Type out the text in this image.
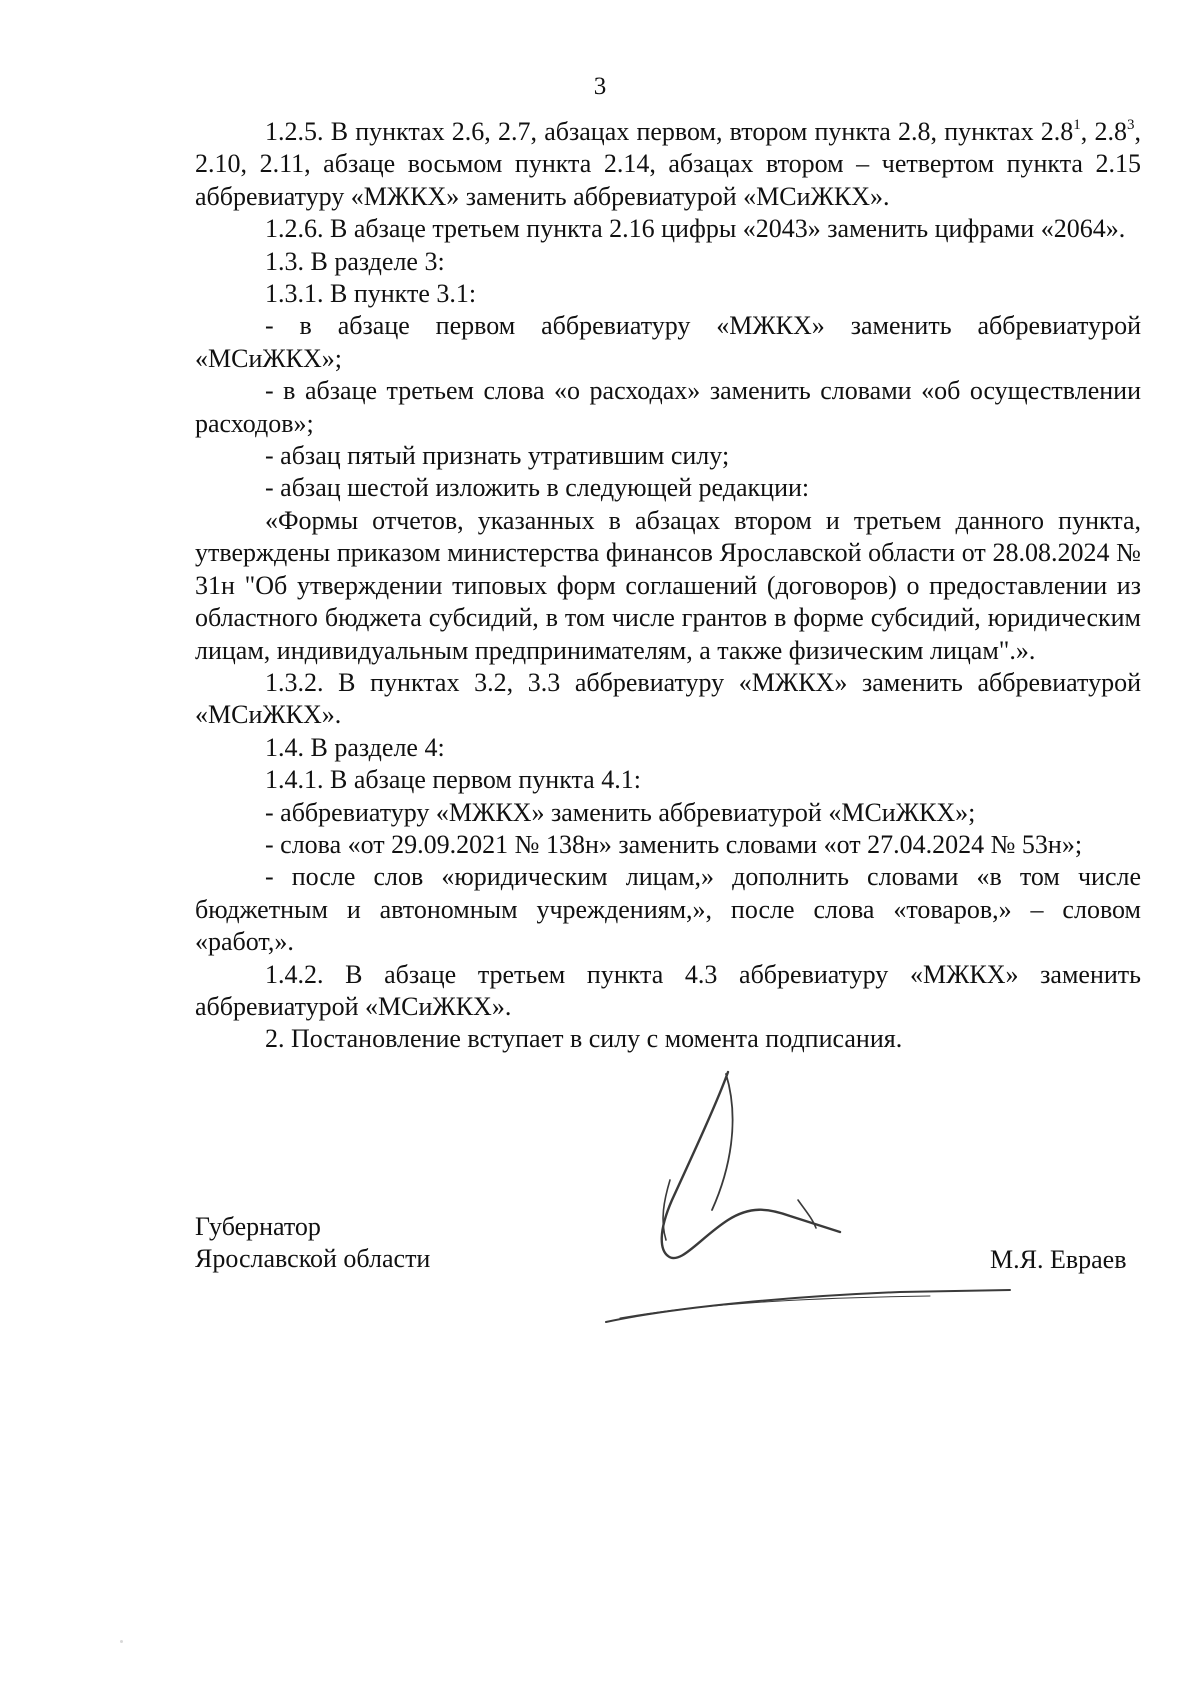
3

1.2.5. В пунктах 2.6, 2.7, абзацах первом, втором пункта 2.8, пунктах $2.8^1$, $2.8^3$, 2.10, 2.11, абзаце восьмом пункта 2.14, абзацах втором – четвертом пункта 2.15 аббревиатуру «МЖКХ» заменить аббревиатурой «МСиЖКХ».

1.2.6. В абзаце третьем пункта 2.16 цифры «2043» заменить цифрами «2064».

1.3. В разделе 3:

1.3.1. В пункте 3.1:

- в абзаце первом аббревиатуру «МЖКХ» заменить аббревиатурой «МСиЖКХ»;

- в абзаце третьем слова «о расходах» заменить словами «об осуществлении расходов»;

- абзац пятый признать утратившим силу;

- абзац шестой изложить в следующей редакции:

«Формы отчетов, указанных в абзацах втором и третьем данного пункта, утверждены приказом министерства финансов Ярославской области от 28.08.2024 № 31н "Об утверждении типовых форм соглашений (договоров) о предоставлении из областного бюджета субсидий, в том числе грантов в форме субсидий, юридическим лицам, индивидуальным предпринимателям, а также физическим лицам".».

1.3.2. В пунктах 3.2, 3.3 аббревиатуру «МЖКХ» заменить аббревиатурой «МСиЖКХ».

1.4. В разделе 4:

1.4.1. В абзаце первом пункта 4.1:

- аббревиатуру «МЖКХ» заменить аббревиатурой «МСиЖКХ»;

- слова «от 29.09.2021 № 138н» заменить словами «от 27.04.2024 № 53н»;

- после слов «юридическим лицам,» дополнить словами «в том числе бюджетным и автономным учреждениям,», после слова «товаров,» – словом «работ,».

1.4.2. В абзаце третьем пункта 4.3 аббревиатуру «МЖКХ» заменить аббревиатурой «МСиЖКХ».

2. Постановление вступает в силу с момента подписания.

Губернатор
Ярославской области	М.Я. Евраев
